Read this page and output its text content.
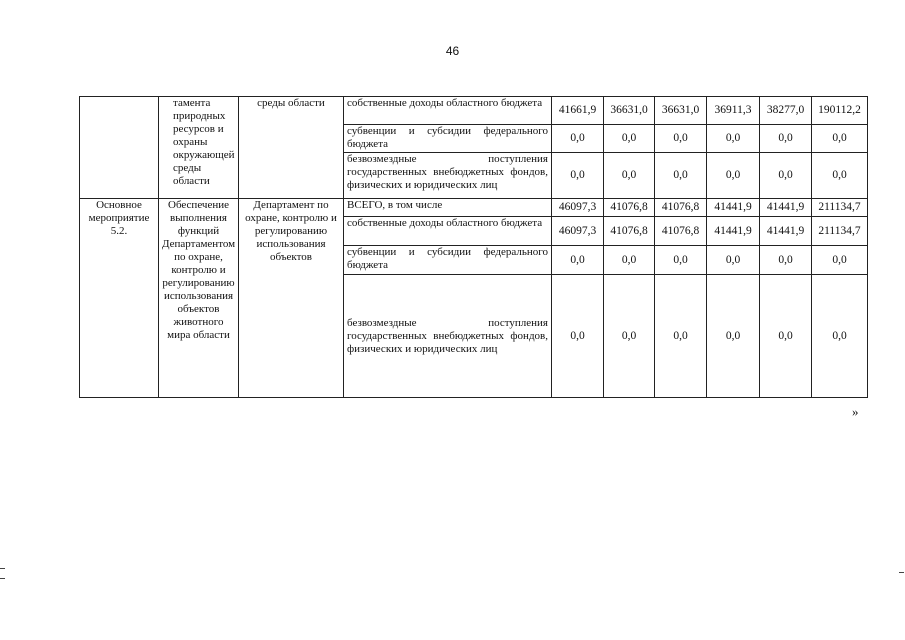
46
	тамента природных ресурсов и охраны окружающей среды области	среды области	собственные доходы областного бюджета	41661,9	36631,0	36631,0	36911,3	38277,0	190112,2
			субвенции и субсидии федерального бюджета	0,0	0,0	0,0	0,0	0,0	0,0
			безвозмездные поступления государственных внебюджетных фондов, физических и юридических лиц	0,0	0,0	0,0	0,0	0,0	0,0
Основное мероприятие 5.2.	Обеспечение выполнения функций Департаментом по охране, контролю и регулированию использования объектов животного мира области	Департамент по охране, контролю и регулированию использования объектов	ВСЕГО, в том числе	46097,3	41076,8	41076,8	41441,9	41441,9	211134,7
			собственные доходы областного бюджета	46097,3	41076,8	41076,8	41441,9	41441,9	211134,7
			субвенции и субсидии федерального бюджета	0,0	0,0	0,0	0,0	0,0	0,0
			безвозмездные поступления государственных внебюджетных фондов, физических и юридических лиц	0,0	0,0	0,0	0,0	0,0	0,0
»
